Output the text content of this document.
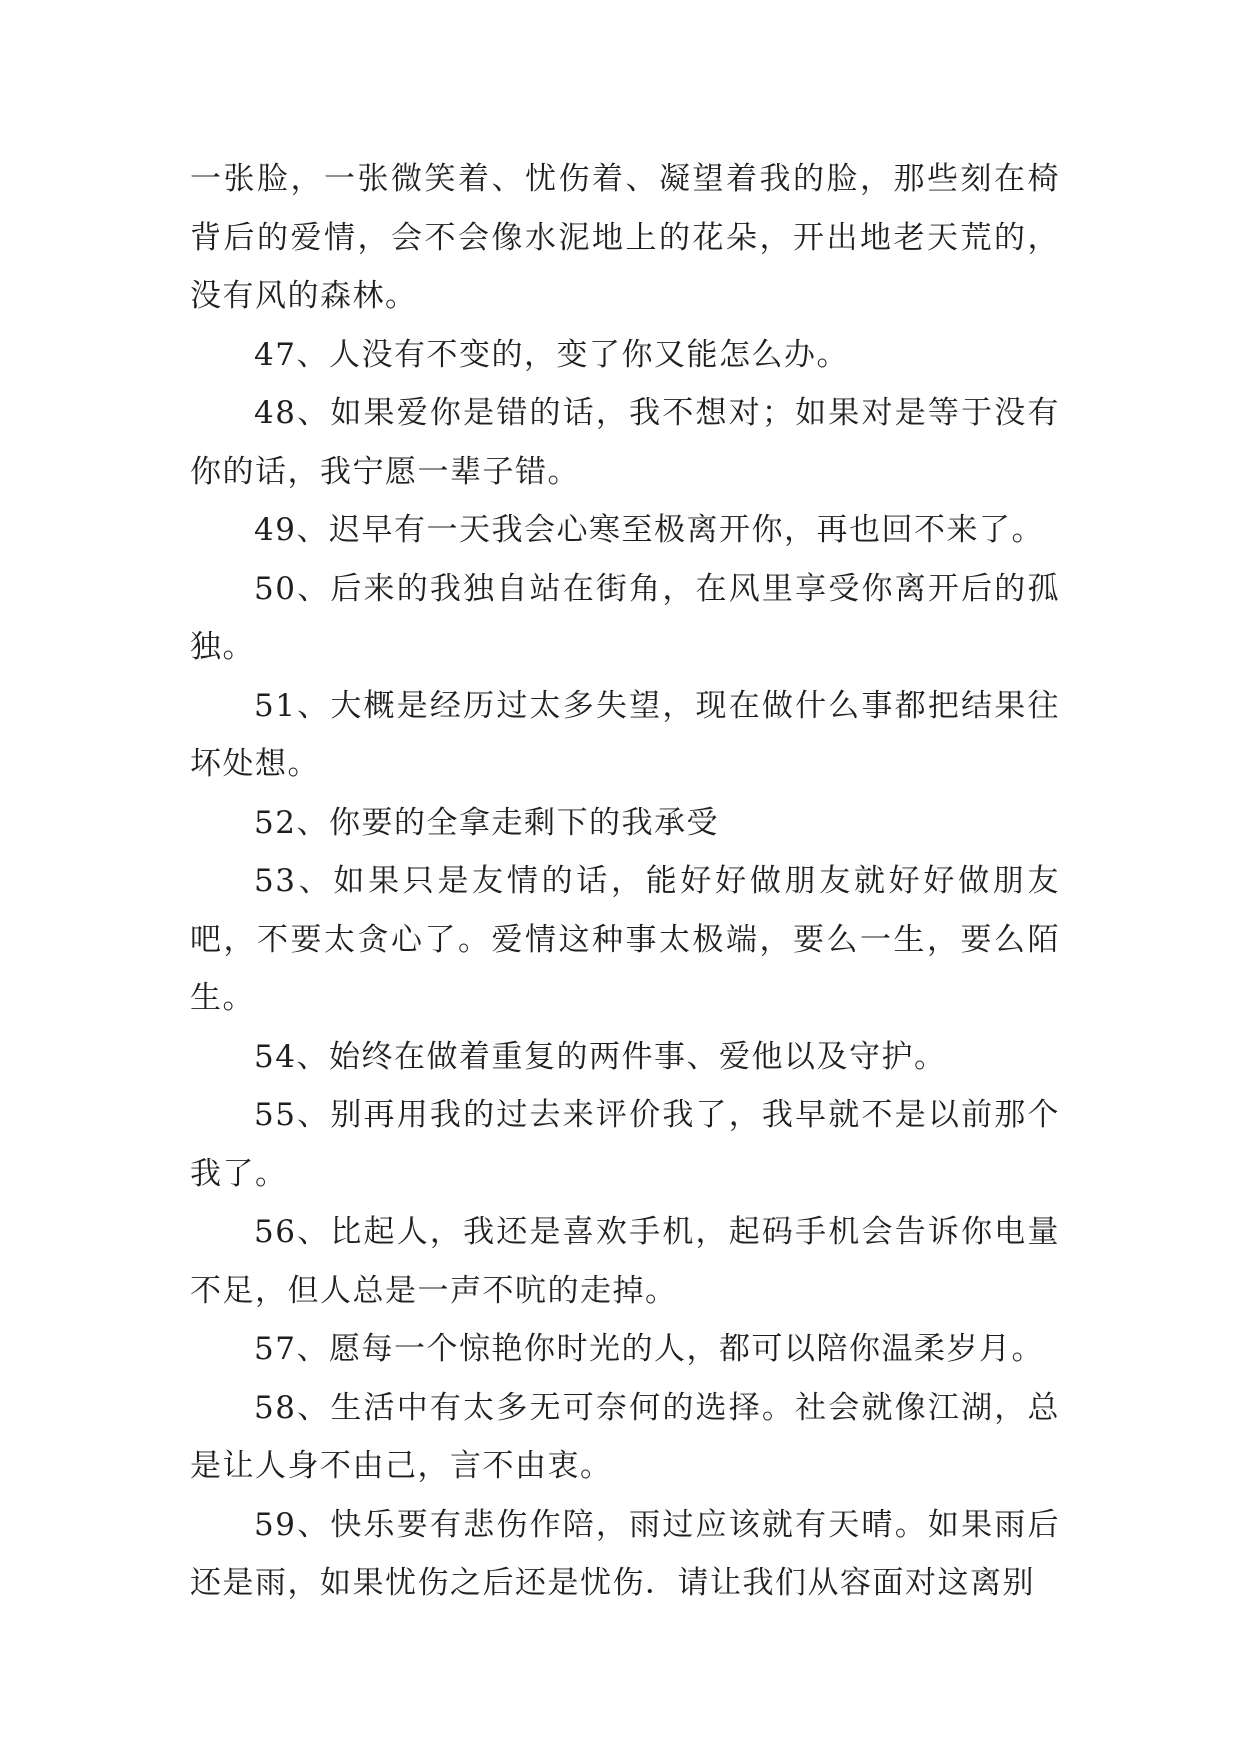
一张脸，一张微笑着、忧伤着、凝望着我的脸，那些刻在椅背后的爱情，会不会像水泥地上的花朵，开出地老天荒的，没有风的森林。

47、人没有不变的，变了你又能怎么办。

48、如果爱你是错的话，我不想对；如果对是等于没有你的话，我宁愿一辈子错。

49、迟早有一天我会心寒至极离开你，再也回不来了。

50、后来的我独自站在街角，在风里享受你离开后的孤独。

51、大概是经历过太多失望，现在做什么事都把结果往坏处想。

52、你要的全拿走剩下的我承受

53、如果只是友情的话，能好好做朋友就好好做朋友吧，不要太贪心了。爱情这种事太极端，要么一生，要么陌生。

54、始终在做着重复的两件事、爱他以及守护。

55、别再用我的过去来评价我了，我早就不是以前那个我了。

56、比起人，我还是喜欢手机，起码手机会告诉你电量不足，但人总是一声不吭的走掉。

57、愿每一个惊艳你时光的人，都可以陪你温柔岁月。

58、生活中有太多无可奈何的选择。社会就像江湖，总是让人身不由己，言不由衷。

59、快乐要有悲伤作陪，雨过应该就有天晴。如果雨后还是雨，如果忧伤之后还是忧伤．请让我们从容面对这离别
